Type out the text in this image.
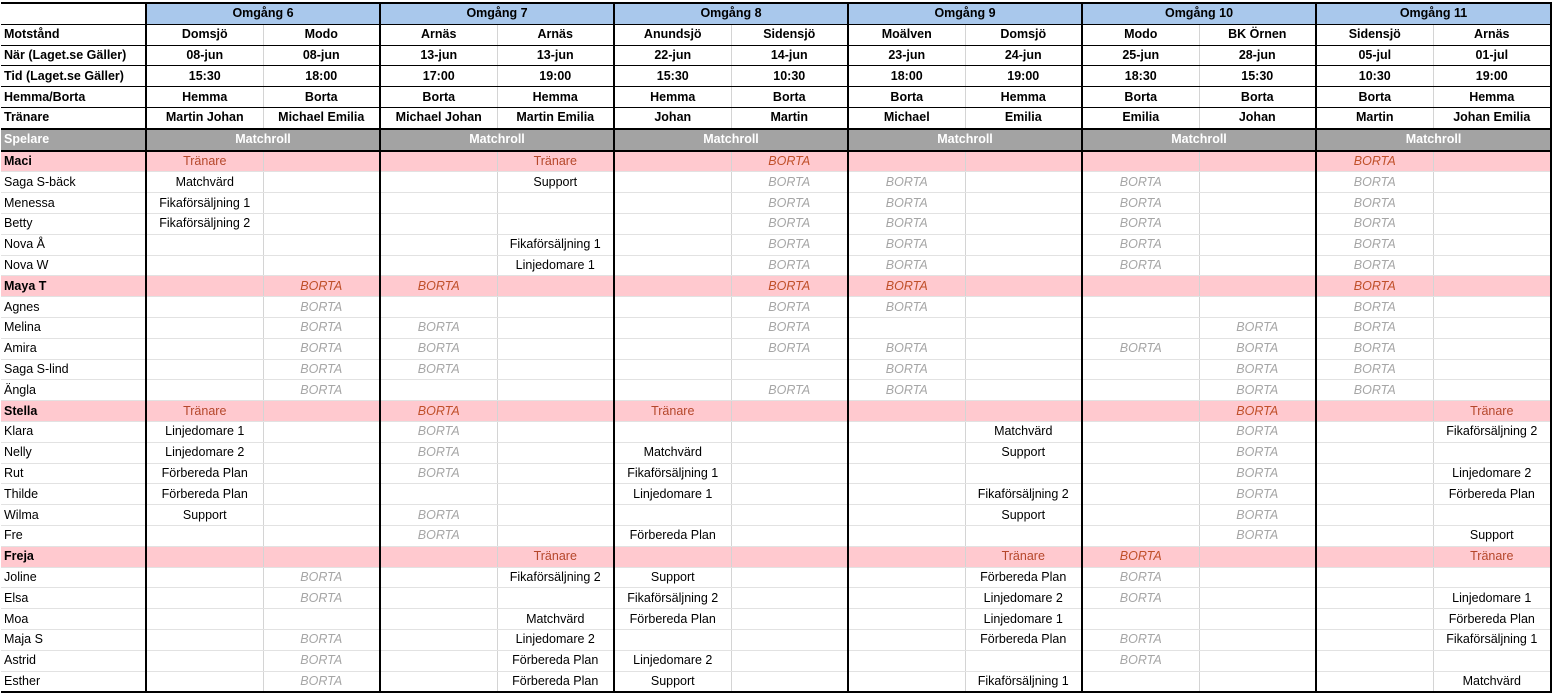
	Omgång 6		Omgång 7		Omgång 8		Omgång 9		Omgång 10		Omgång 11	
Motstånd	Domsjö	Modo	Arnäs	Arnäs	Anundsjö	Sidensjö	Moälven	Domsjö	Modo	BK Örnen	Sidensjö	Arnäs
När (Laget.se Gäller)	08-jun	08-jun	13-jun	13-jun	22-jun	14-jun	23-jun	24-jun	25-jun	28-jun	05-jul	01-jul
Tid (Laget.se Gäller)	15:30	18:00	17:00	19:00	15:30	10:30	18:00	19:00	18:30	15:30	10:30	19:00
Hemma/Borta	Hemma	Borta	Borta	Hemma	Hemma	Borta	Borta	Hemma	Borta	Borta	Borta	Hemma
Tränare	Martin Johan	Michael Emilia	Michael Johan	Martin Emilia	Johan	Martin	Michael	Emilia	Emilia	Johan	Martin	Johan Emilia
Spelare	Matchroll		Matchroll		Matchroll		Matchroll		Matchroll		Matchroll	
Maci	Tränare			Tränare		BORTA					BORTA	
Saga S-bäck	Matchvärd			Support		BORTA	BORTA		BORTA		BORTA	
Menessa	Fikaförsäljning 1					BORTA	BORTA		BORTA		BORTA	
Betty	Fikaförsäljning 2					BORTA	BORTA		BORTA		BORTA	
Nova Å				Fikaförsäljning 1		BORTA	BORTA		BORTA		BORTA	
Nova W				Linjedomare 1		BORTA	BORTA		BORTA		BORTA	
Maya T		BORTA	BORTA			BORTA	BORTA				BORTA	
Agnes		BORTA				BORTA	BORTA				BORTA	
Melina		BORTA	BORTA			BORTA				BORTA	BORTA	
Amira		BORTA	BORTA			BORTA	BORTA		BORTA	BORTA	BORTA	
Saga S-lind		BORTA	BORTA				BORTA			BORTA	BORTA	
Ängla		BORTA				BORTA	BORTA			BORTA	BORTA	
Stella	Tränare		BORTA		Tränare					BORTA		Tränare
Klara	Linjedomare 1		BORTA					Matchvärd		BORTA		Fikaförsäljning 2
Nelly	Linjedomare 2		BORTA		Matchvärd			Support		BORTA		
Rut	Förbereda Plan		BORTA		Fikaförsäljning 1					BORTA		Linjedomare 2
Thilde	Förbereda Plan				Linjedomare 1			Fikaförsäljning 2		BORTA		Förbereda Plan
Wilma	Support		BORTA					Support		BORTA		
Fre			BORTA		Förbereda Plan					BORTA		Support
Freja				Tränare				Tränare	BORTA			Tränare
Joline		BORTA		Fikaförsäljning 2	Support			Förbereda Plan	BORTA			
Elsa		BORTA			Fikaförsäljning 2			Linjedomare 2	BORTA			Linjedomare 1
Moa				Matchvärd	Förbereda Plan			Linjedomare 1				Förbereda Plan
Maja S		BORTA		Linjedomare 2				Förbereda Plan	BORTA			Fikaförsäljning 1
Astrid		BORTA		Förbereda Plan	Linjedomare 2				BORTA			
Esther		BORTA		Förbereda Plan	Support			Fikaförsäljning 1				Matchvärd
